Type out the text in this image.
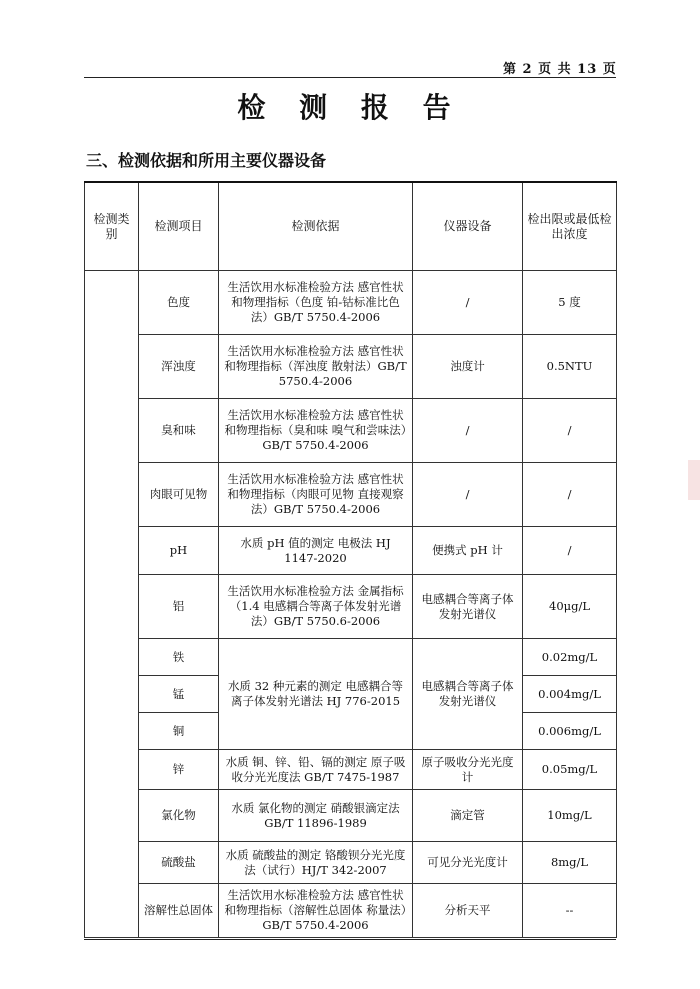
第 2 页 共 13 页
检 测 报 告
三、检测依据和所用主要仪器设备
检测类别	检测项目	检测依据	仪器设备	检出限或最低检出浓度
	色度	生活饮用水标准检验方法 感官性状和物理指标（色度 铂-钴标准比色法）GB/T 5750.4-2006	/	5 度
	浑浊度	生活饮用水标准检验方法 感官性状和物理指标（浑浊度 散射法）GB/T 5750.4-2006	浊度计	0.5NTU
	臭和味	生活饮用水标准检验方法 感官性状和物理指标（臭和味 嗅气和尝味法）GB/T 5750.4-2006	/	/
	肉眼可见物	生活饮用水标准检验方法 感官性状和物理指标（肉眼可见物 直接观察法）GB/T 5750.4-2006	/	/
	pH	水质 pH 值的测定 电极法 HJ 1147-2020	便携式 pH 计	/
	铝	生活饮用水标准检验方法 金属指标 （1.4 电感耦合等离子体发射光谱法）GB/T 5750.6-2006	电感耦合等离子体发射光谱仪	40μg/L
	铁	水质 32 种元素的测定 电感耦合等离子体发射光谱法 HJ 776-2015	电感耦合等离子体发射光谱仪	0.02mg/L
	锰			0.004mg/L
	铜			0.006mg/L
	锌	水质 铜、锌、铅、镉的测定 原子吸收分光光度法 GB/T 7475-1987	原子吸收分光光度计	0.05mg/L
	氯化物	水质 氯化物的测定 硝酸银滴定法 GB/T 11896-1989	滴定管	10mg/L
	硫酸盐	水质 硫酸盐的测定 铬酸钡分光光度法（试行）HJ/T 342-2007	可见分光光度计	8mg/L
	溶解性总固体	生活饮用水标准检验方法 感官性状和物理指标（溶解性总固体 称量法）GB/T 5750.4-2006	分析天平	--
